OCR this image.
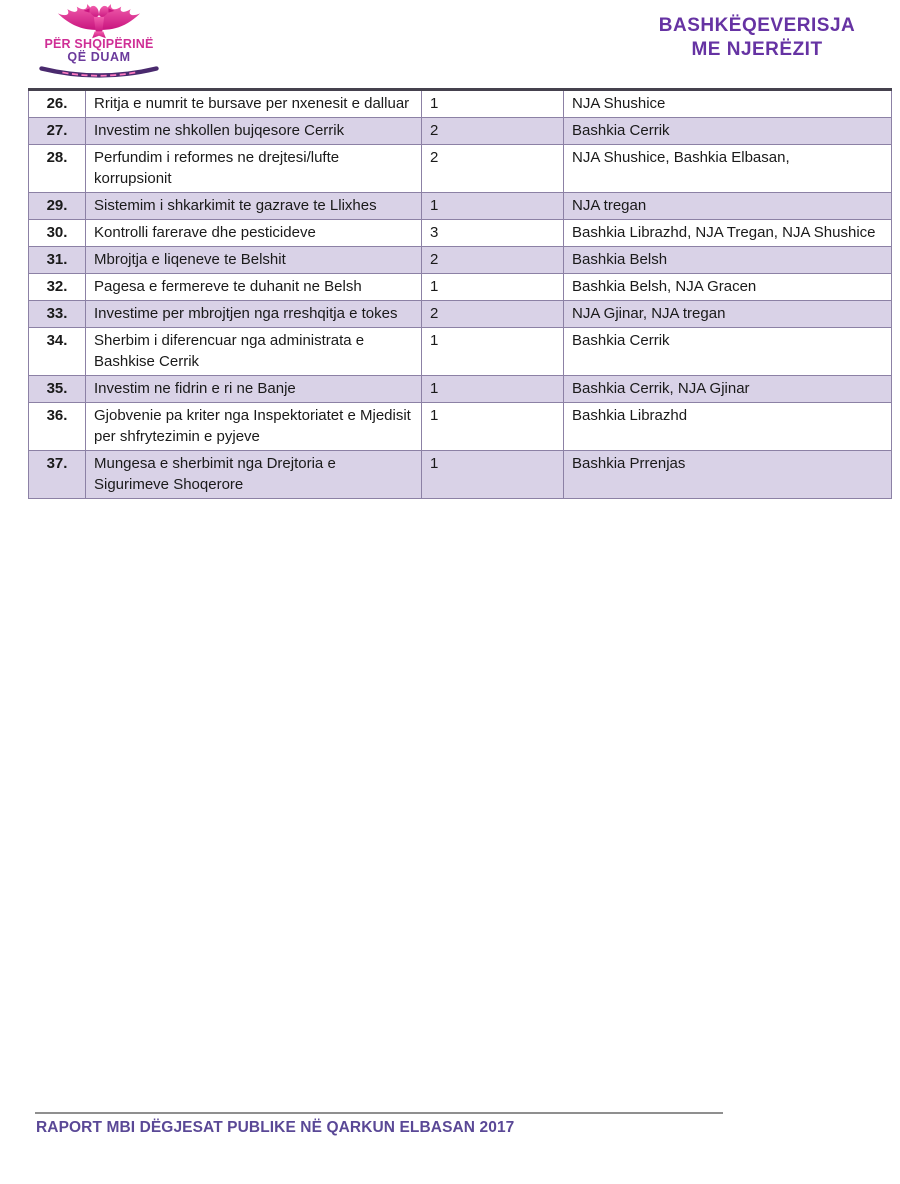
PËR SHQIPËRINË
QË DUAM
BASHKËQEVERISJA
ME NJERËZIT
26.	Rritja e numrit te bursave per nxenesit e dalluar	1	NJA Shushice
27.	Investim ne shkollen bujqesore Cerrik	2	Bashkia Cerrik
28.	Perfundim i reformes ne drejtesi/lufte korrupsionit	2	NJA Shushice, Bashkia Elbasan,
29.	Sistemim i shkarkimit te gazrave te Llixhes	1	NJA tregan
30.	Kontrolli farerave dhe pesticideve	3	Bashkia Librazhd, NJA Tregan, NJA Shushice
31.	Mbrojtja e liqeneve te Belshit	2	Bashkia Belsh
32.	Pagesa e fermereve te duhanit ne Belsh	1	Bashkia Belsh, NJA Gracen
33.	Investime per mbrojtjen nga rreshqitja e tokes	2	NJA Gjinar, NJA tregan
34.	Sherbim i diferencuar nga administrata e Bashkise Cerrik	1	Bashkia Cerrik
35.	Investim ne fidrin e ri ne Banje	1	Bashkia Cerrik, NJA Gjinar
36.	Gjobvenie pa kriter nga Inspektoriatet e Mjedisit per shfrytezimin e pyjeve	1	Bashkia Librazhd
37.	Mungesa e sherbimit nga Drejtoria e Sigurimeve Shoqerore	1	Bashkia Prrenjas
RAPORT MBI DËGJESAT PUBLIKE NË QARKUN ELBASAN 2017
